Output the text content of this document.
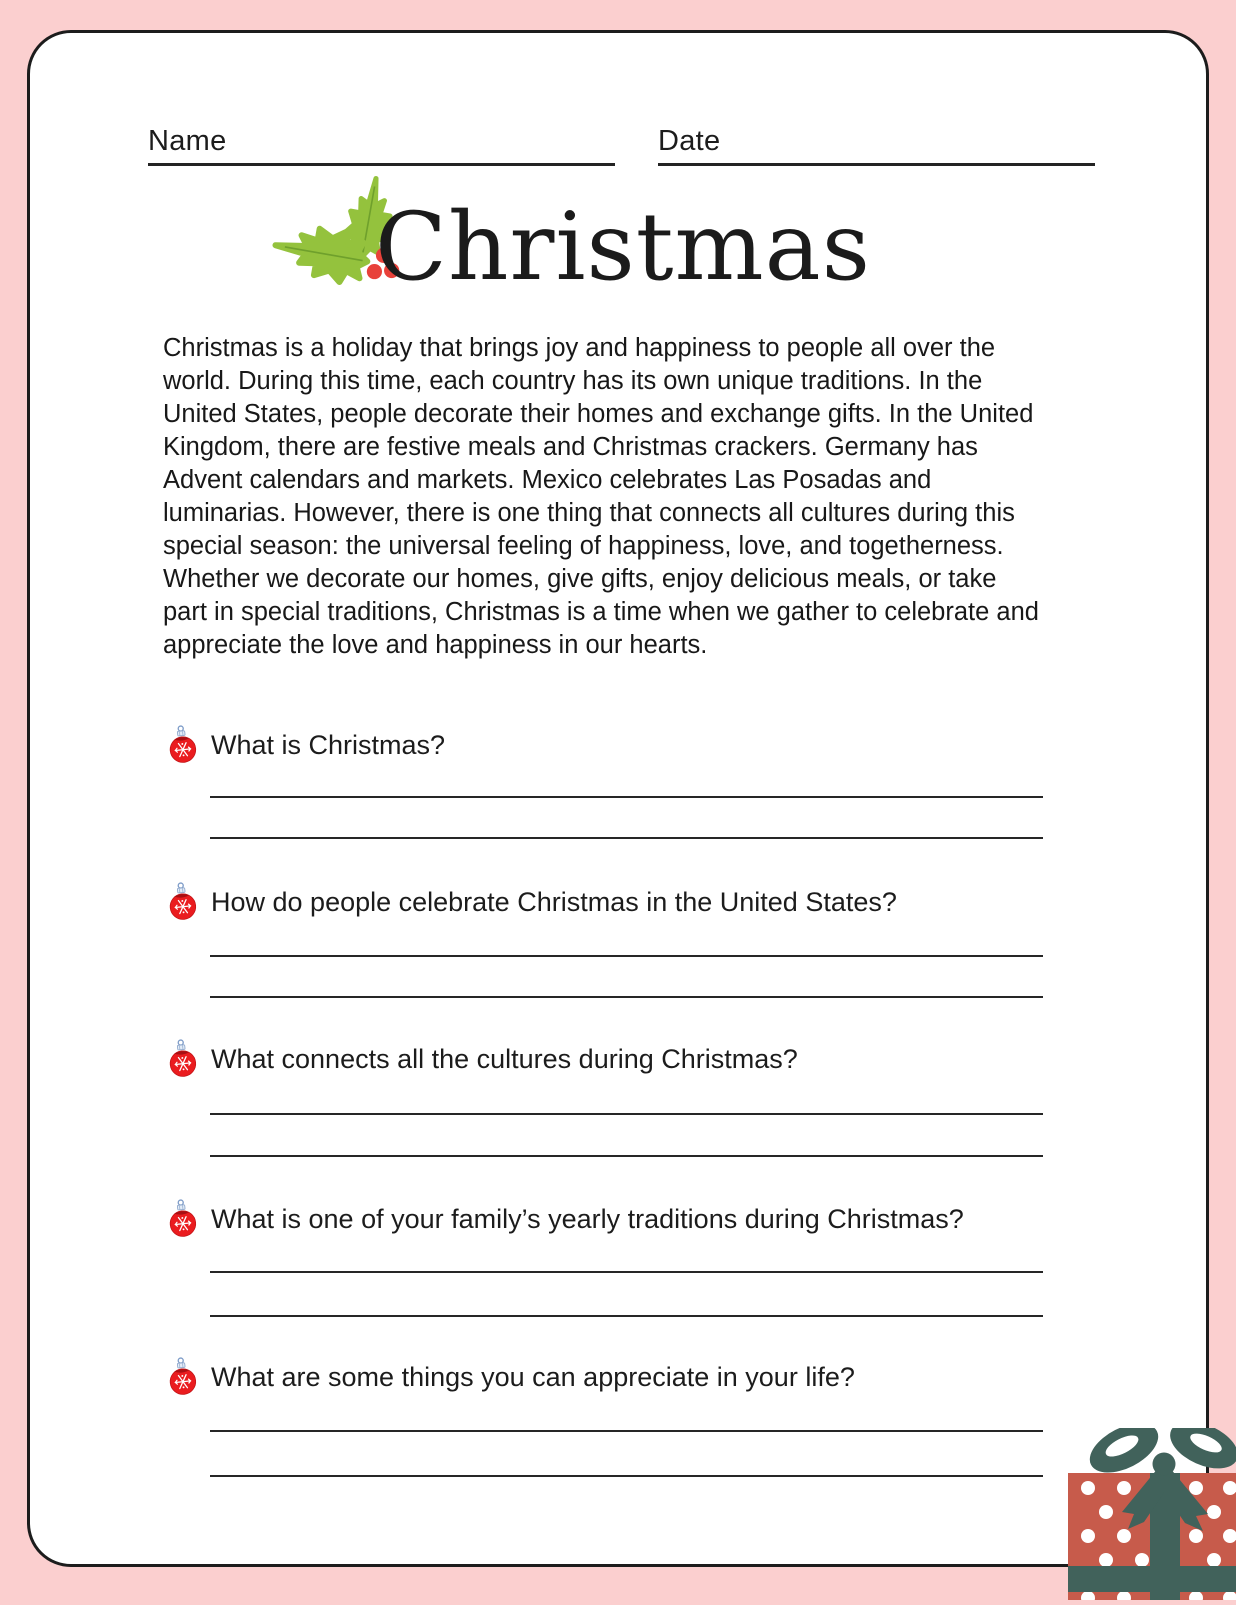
Name	Date
Christmas
Christmas is a holiday that brings joy and happiness to people all over the world. During this time, each country has its own unique traditions. In the United States, people decorate their homes and exchange gifts. In the United Kingdom, there are festive meals and Christmas crackers. Germany has Advent calendars and markets. Mexico celebrates Las Posadas and luminarias. However, there is one thing that connects all cultures during this special season: the universal feeling of happiness, love, and togetherness. Whether we decorate our homes, give gifts, enjoy delicious meals, or take part in special traditions, Christmas is a time when we gather to celebrate and appreciate the love and happiness in our hearts.
What is Christmas?
How do people celebrate Christmas in the United States?
What connects all the cultures during Christmas?
What is one of your family’s yearly traditions during Christmas?
What are some things you can appreciate in your life?
